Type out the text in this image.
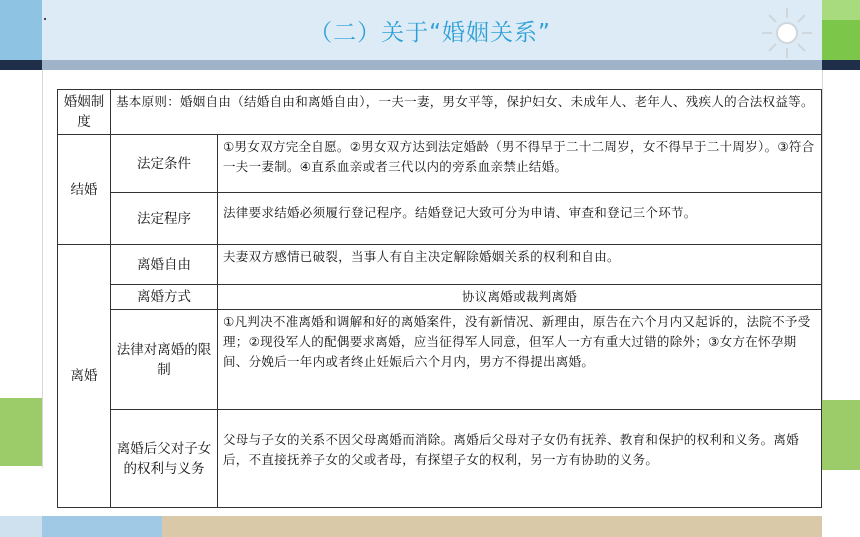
（二）关于“婚姻关系”
婚姻制度	基本原则：婚姻自由（结婚自由和离婚自由），一夫一妻，男女平等，保护妇女、未成年人、老年人、残疾人的合法权益等。	
结婚	法定条件	①男女双方完全自愿。②男女双方达到法定婚龄（男不得早于二十二周岁，女不得早于二十周岁）。③符合一夫一妻制。④直系血亲或者三代以内的旁系血亲禁止结婚。
	法定程序	法律要求结婚必须履行登记程序。结婚登记大致可分为申请、审查和登记三个环节。
离婚	离婚自由	夫妻双方感情已破裂，当事人有自主决定解除婚姻关系的权利和自由。
	离婚方式	协议离婚或裁判离婚
	法律对离婚的限制	①凡判决不准离婚和调解和好的离婚案件，没有新情况、新理由，原告在六个月内又起诉的，法院不予受理；②现役军人的配偶要求离婚，应当征得军人同意，但军人一方有重大过错的除外；③女方在怀孕期间、分娩后一年内或者终止妊娠后六个月内，男方不得提出离婚。
	离婚后父对子女的权利与义务	父母与子女的关系不因父母离婚而消除。离婚后父母对子女仍有抚养、教育和保护的权利和义务。离婚后，不直接抚养子女的父或者母，有探望子女的权利，另一方有协助的义务。
